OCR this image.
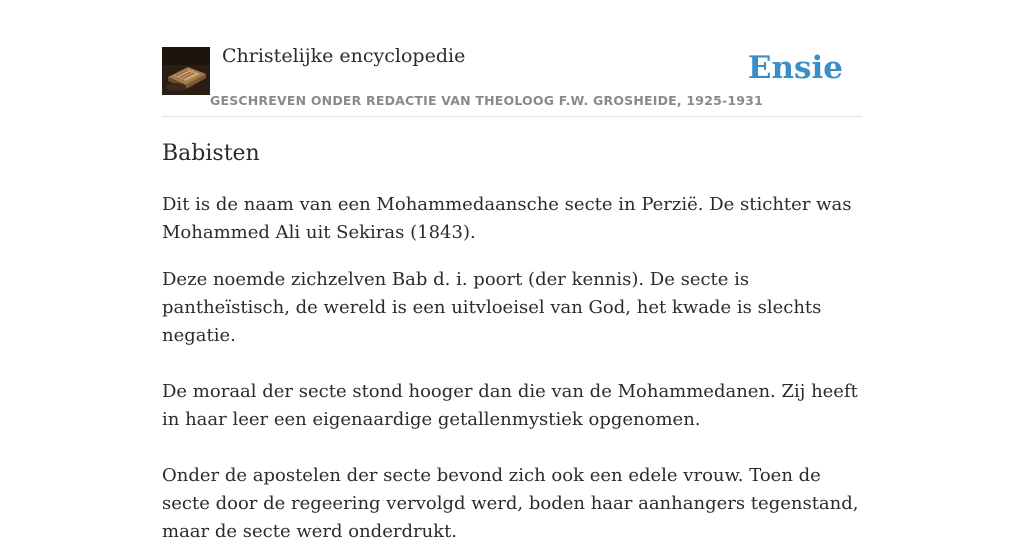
Christelijke encyclopedie
GESCHREVEN ONDER REDACTIE VAN THEOLOOG F.W. GROSHEIDE, 1925-1931
Ensie
Babisten

Dit is de naam van een Mohammedaansche secte in Perzië. De stichter was Mohammed Ali uit Sekiras (1843).

Deze noemde zichzelven Bab d. i. poort (der kennis). De secte is pantheïstisch, de wereld is een uitvloeisel van God, het kwade is slechts negatie.

De moraal der secte stond hooger dan die van de Mohammedanen. Zij heeft in haar leer een eigenaardige getallenmystiek opgenomen.

Onder de apostelen der secte bevond zich ook een edele vrouw. Toen de secte door de regeering vervolgd werd, boden haar aanhangers tegenstand, maar de secte werd onderdrukt.
